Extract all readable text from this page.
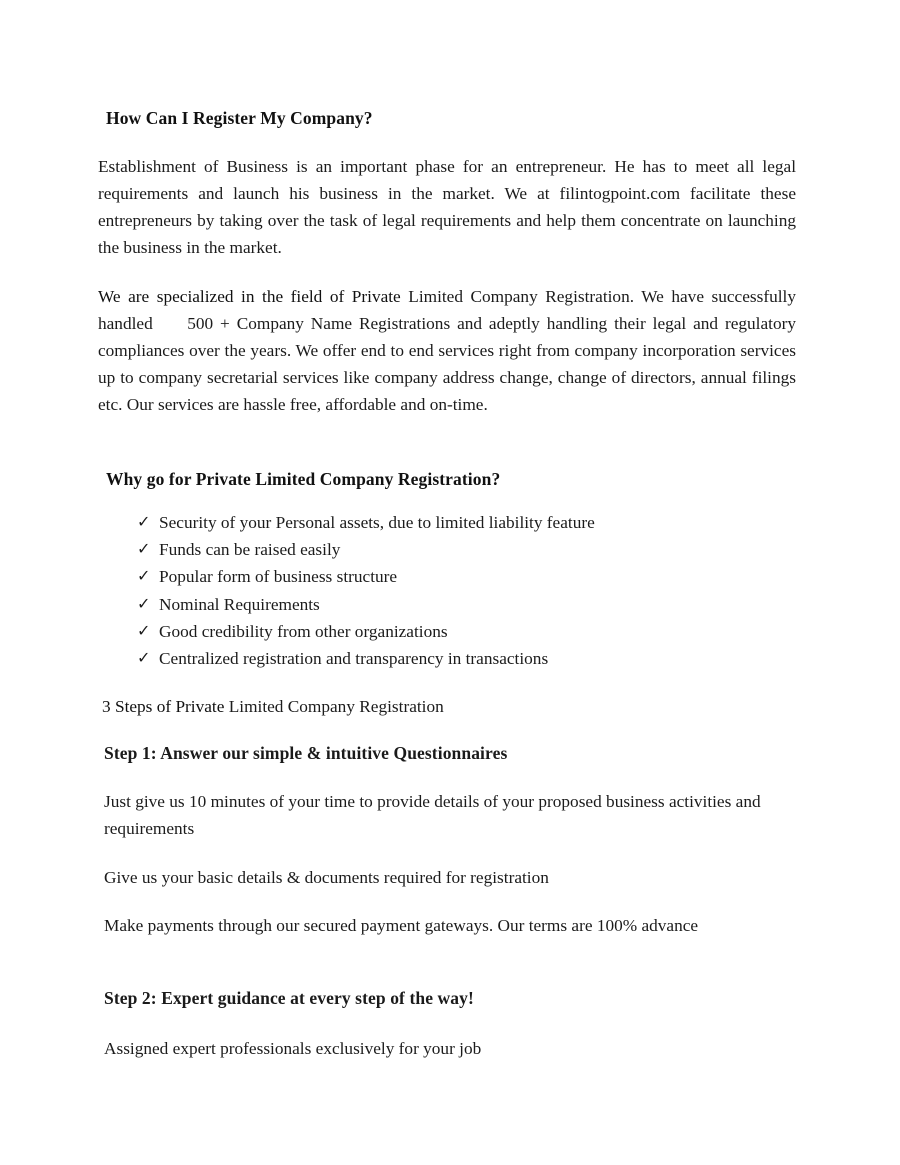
How Can I Register My Company?

Establishment of Business is an important phase for an entrepreneur. He has to meet all legal requirements and launch his business in the market. We at filintogpoint.com facilitate these entrepreneurs by taking over the task of legal requirements and help them concentrate on launching the business in the market.

We are specialized in the field of Private Limited Company Registration. We have successfully handled 500 + Company Name Registrations and adeptly handling their legal and regulatory compliances over the years. We offer end to end services right from company incorporation services up to company secretarial services like company address change, change of directors, annual filings etc. Our services are hassle free, affordable and on-time.

Why go for Private Limited Company Registration?
✓ Security of your Personal assets, due to limited liability feature
✓ Funds can be raised easily
✓ Popular form of business structure
✓ Nominal Requirements
✓ Good credibility from other organizations
✓ Centralized registration and transparency in transactions

3 Steps of Private Limited Company Registration

Step 1: Answer our simple & intuitive Questionnaires

Just give us 10 minutes of your time to provide details of your proposed business activities and requirements

Give us your basic details & documents required for registration

Make payments through our secured payment gateways. Our terms are 100% advance

Step 2: Expert guidance at every step of the way!

Assigned expert professionals exclusively for your job
